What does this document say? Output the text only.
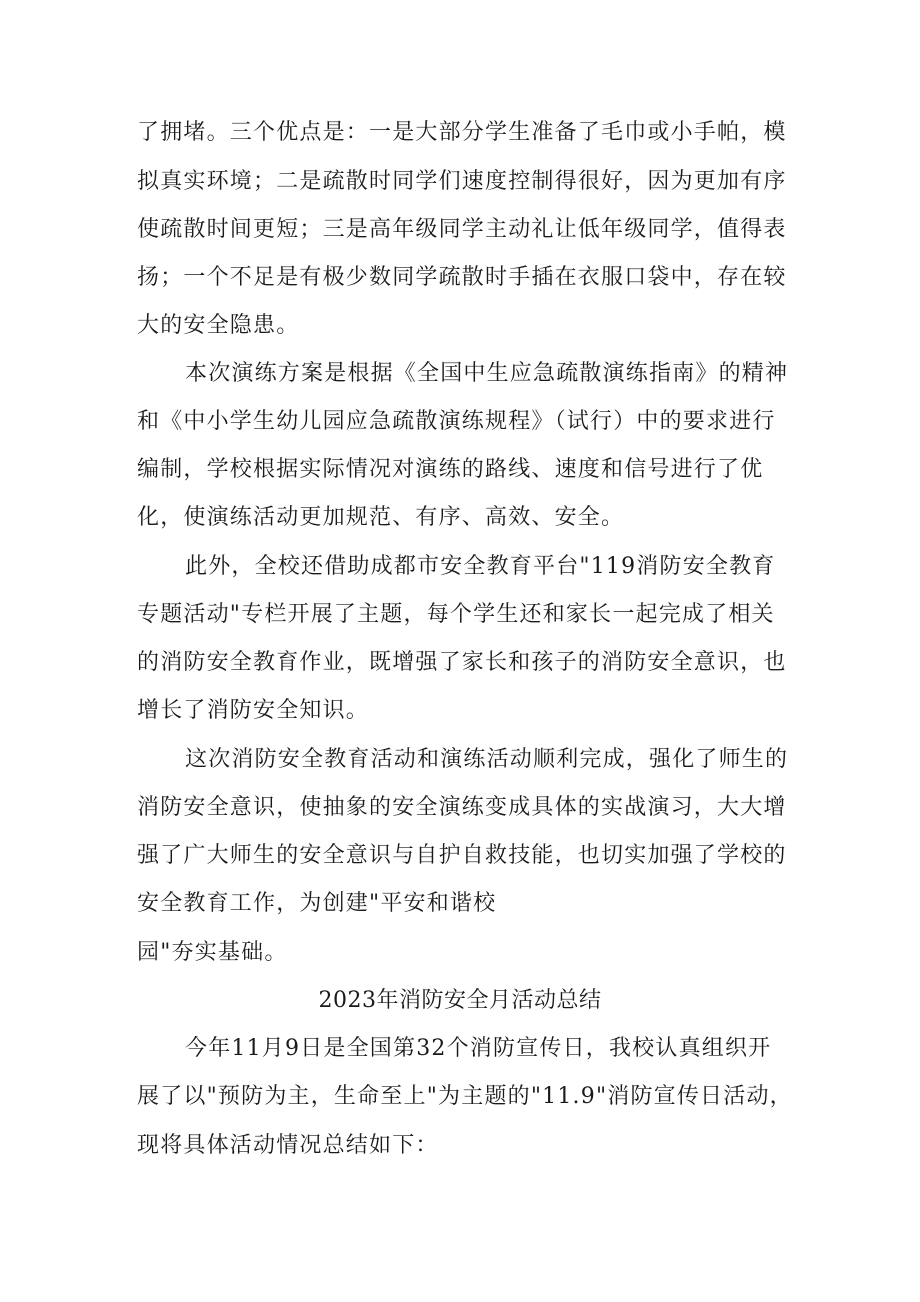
了拥堵。三个优点是：一是大部分学生准备了毛巾或小手帕，模
拟真实环境；二是疏散时同学们速度控制得很好，因为更加有序
使疏散时间更短；三是高年级同学主动礼让低年级同学，值得表
扬；一个不足是有极少数同学疏散时手插在衣服口袋中，存在较
大的安全隐患。
本次演练方案是根据《全国中生应急疏散演练指南》的精神
和《中小学生幼儿园应急疏散演练规程》（试行）中的要求进行
编制，学校根据实际情况对演练的路线、速度和信号进行了优
化，使演练活动更加规范、有序、高效、安全。
此外，全校还借助成都市安全教育平台"119消防安全教育
专题活动"专栏开展了主题，每个学生还和家长一起完成了相关
的消防安全教育作业，既增强了家长和孩子的消防安全意识，也
增长了消防安全知识。
这次消防安全教育活动和演练活动顺利完成，强化了师生的
消防安全意识，使抽象的安全演练变成具体的实战演习，大大增
强了广大师生的安全意识与自护自救技能，也切实加强了学校的
安全教育工作，为创建"平安和谐校
园"夯实基础。
2023年消防安全月活动总结
今年11月9日是全国第32个消防宣传日，我校认真组织开
展了以"预防为主，生命至上"为主题的"11.9"消防宣传日活动，
现将具体活动情况总结如下：
